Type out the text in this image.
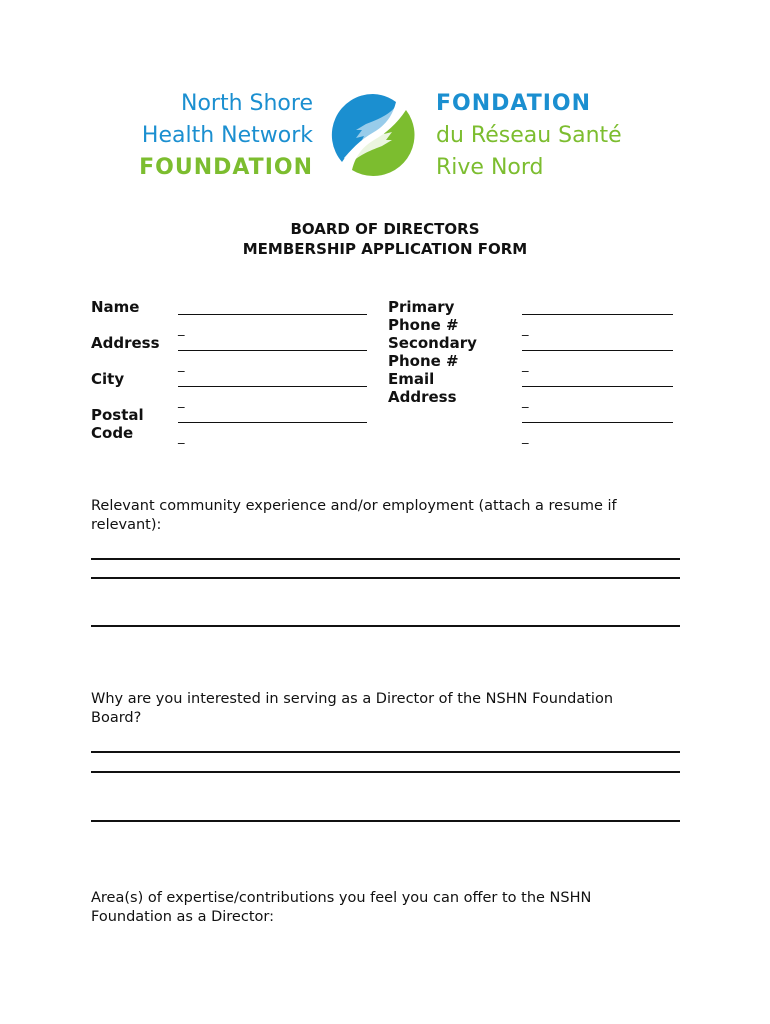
North Shore
Health Network
FOUNDATION
FONDATION
du Réseau Santé
Rive Nord
BOARD OF DIRECTORS
MEMBERSHIP APPLICATION FORM
Name
Address
City
Postal
Code
_
_
_
_
Primary
Phone #
Secondary
Phone #
Email
Address
_
_
_
_
Relevant community experience and/or employment (attach a resume if
relevant):
Why are you interested in serving as a Director of the NSHN Foundation
Board?
Area(s) of expertise/contributions you feel you can offer to the NSHN
Foundation as a Director:
